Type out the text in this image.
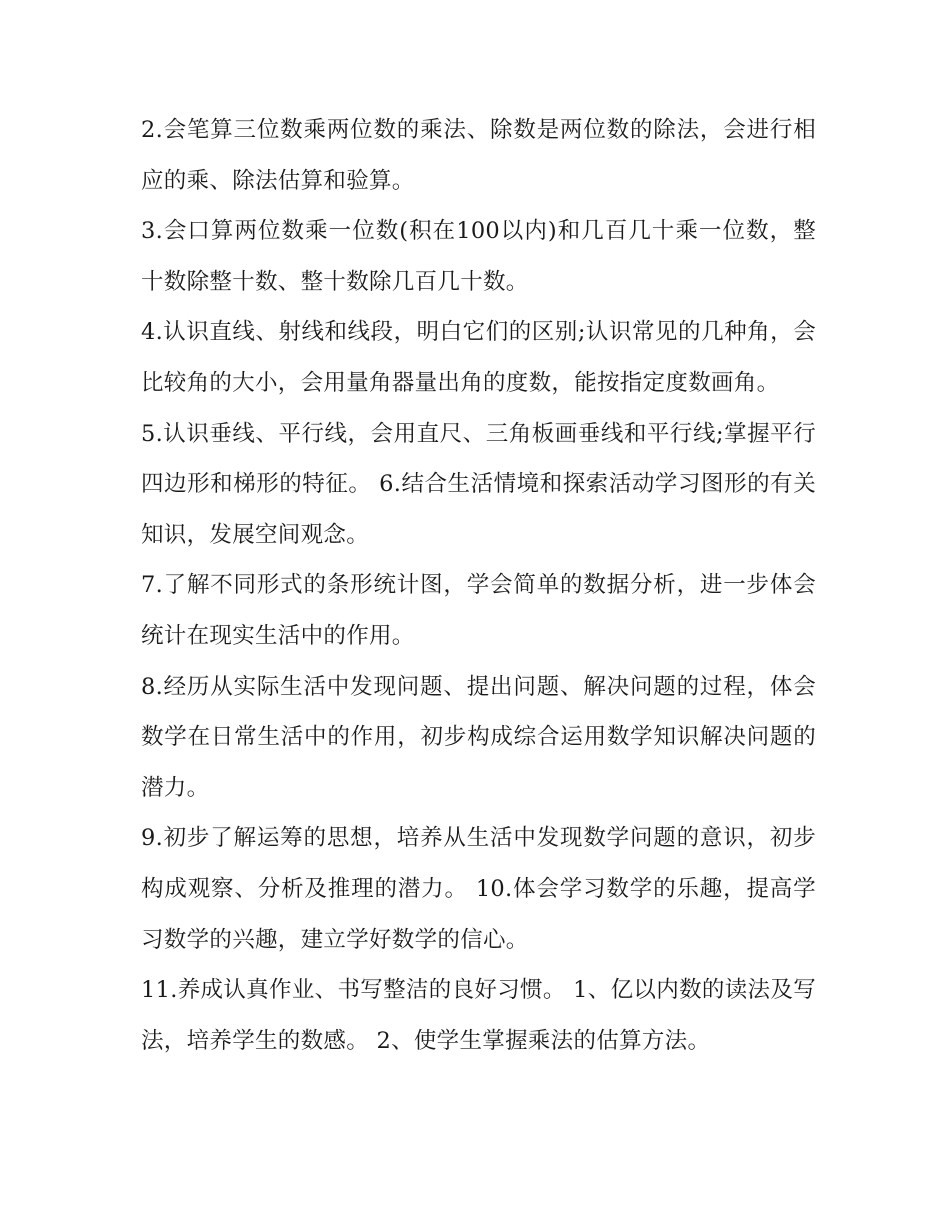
2.会笔算三位数乘两位数的乘法、除数是两位数的除法，会进行相应的乘、除法估算和验算。

3.会口算两位数乘一位数(积在100以内)和几百几十乘一位数，整十数除整十数、整十数除几百几十数。

4.认识直线、射线和线段，明白它们的区别;认识常见的几种角，会比较角的大小，会用量角器量出角的度数，能按指定度数画角。

5.认识垂线、平行线，会用直尺、三角板画垂线和平行线;掌握平行四边形和梯形的特征。 6.结合生活情境和探索活动学习图形的有关知识，发展空间观念。

7.了解不同形式的条形统计图，学会简单的数据分析，进一步体会统计在现实生活中的作用。

8.经历从实际生活中发现问题、提出问题、解决问题的过程，体会数学在日常生活中的作用，初步构成综合运用数学知识解决问题的潜力。

9.初步了解运筹的思想，培养从生活中发现数学问题的意识，初步构成观察、分析及推理的潜力。 10.体会学习数学的乐趣，提高学习数学的兴趣，建立学好数学的信心。

11.养成认真作业、书写整洁的良好习惯。 1、亿以内数的读法及写法，培养学生的数感。 2、使学生掌握乘法的估算方法。
